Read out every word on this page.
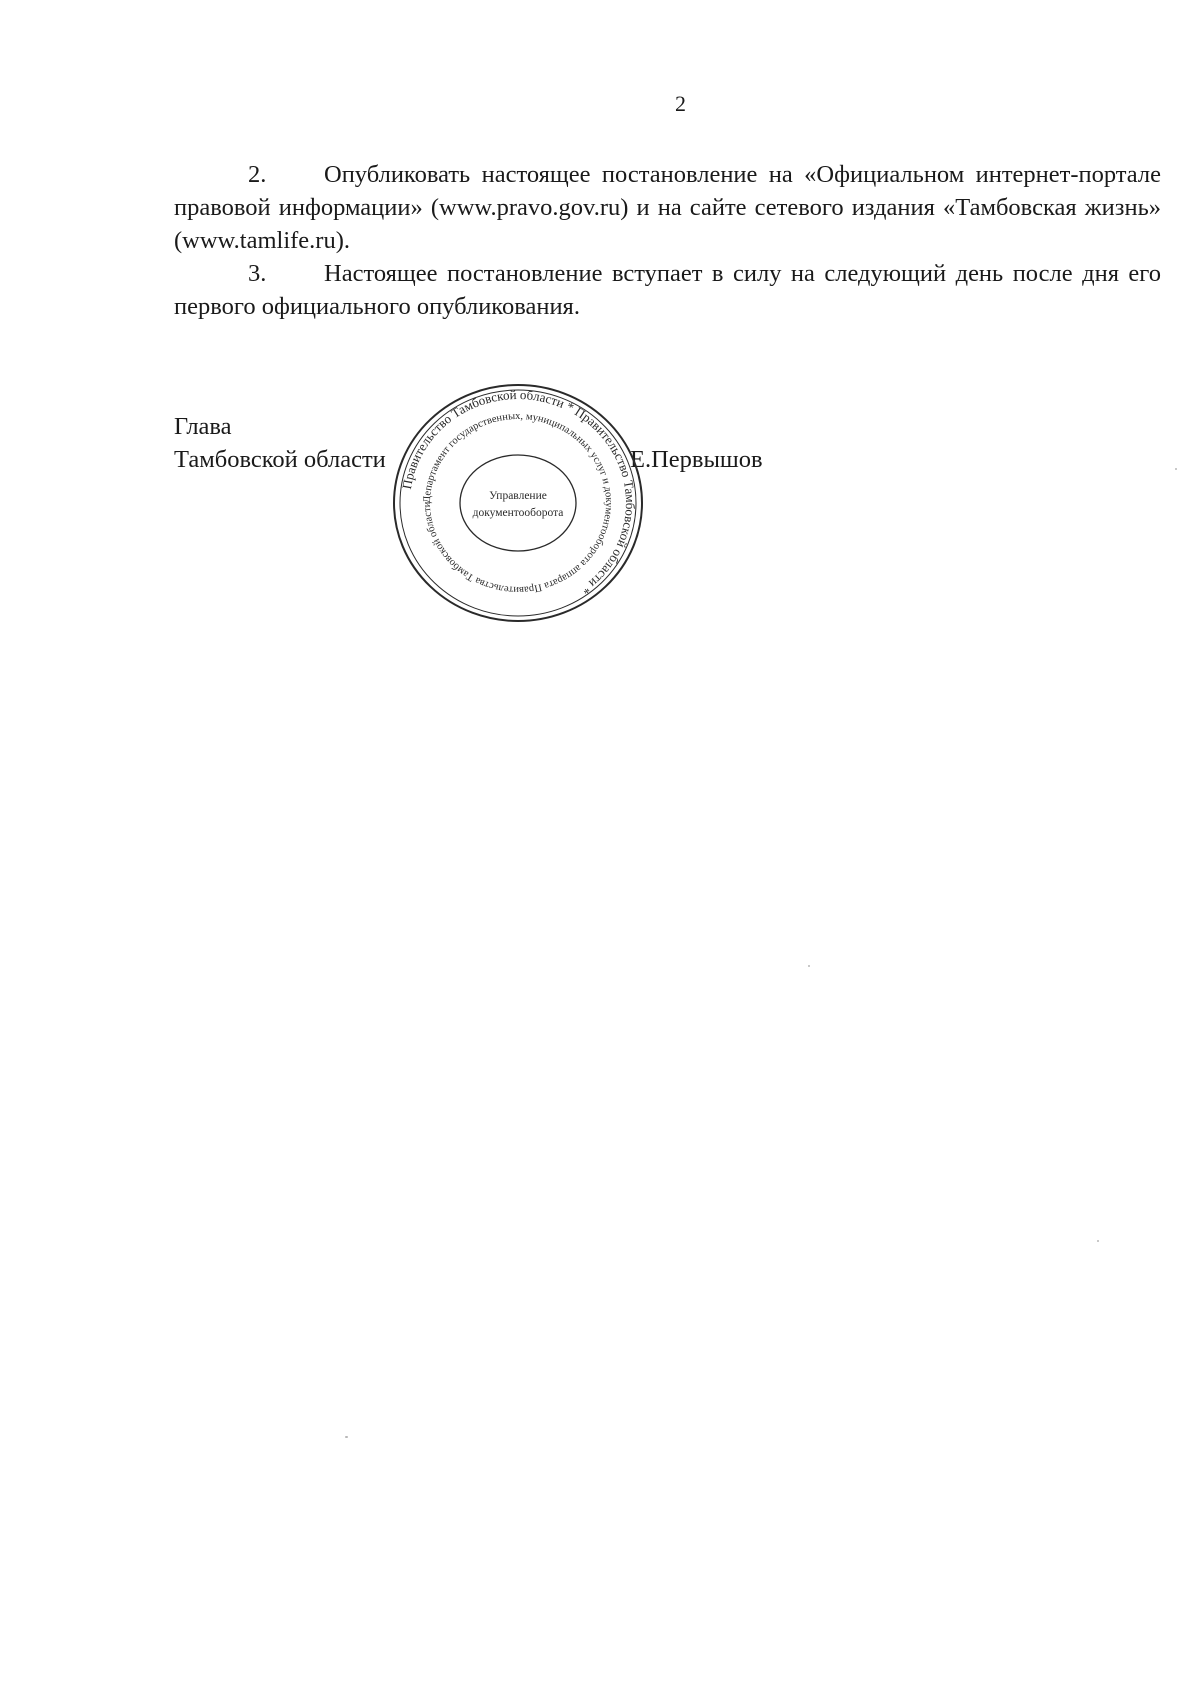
2

2. Опубликовать настоящее постановление на «Официальном интернет-портале правовой информации» (www.pravo.gov.ru) и на сайте сетевого издания «Тамбовская жизнь» (www.tamlife.ru).

3. Настоящее постановление вступает в силу на следующий день после дня его первого официального опубликования.

Глава
Тамбовской области	Е.Первышов
Правительство Тамбовской области * Правительство Тамбовской области *
Департамент государственных, муниципальных услуг и документооборота аппарата Правительства Тамбовской области
Управление
документооборота
